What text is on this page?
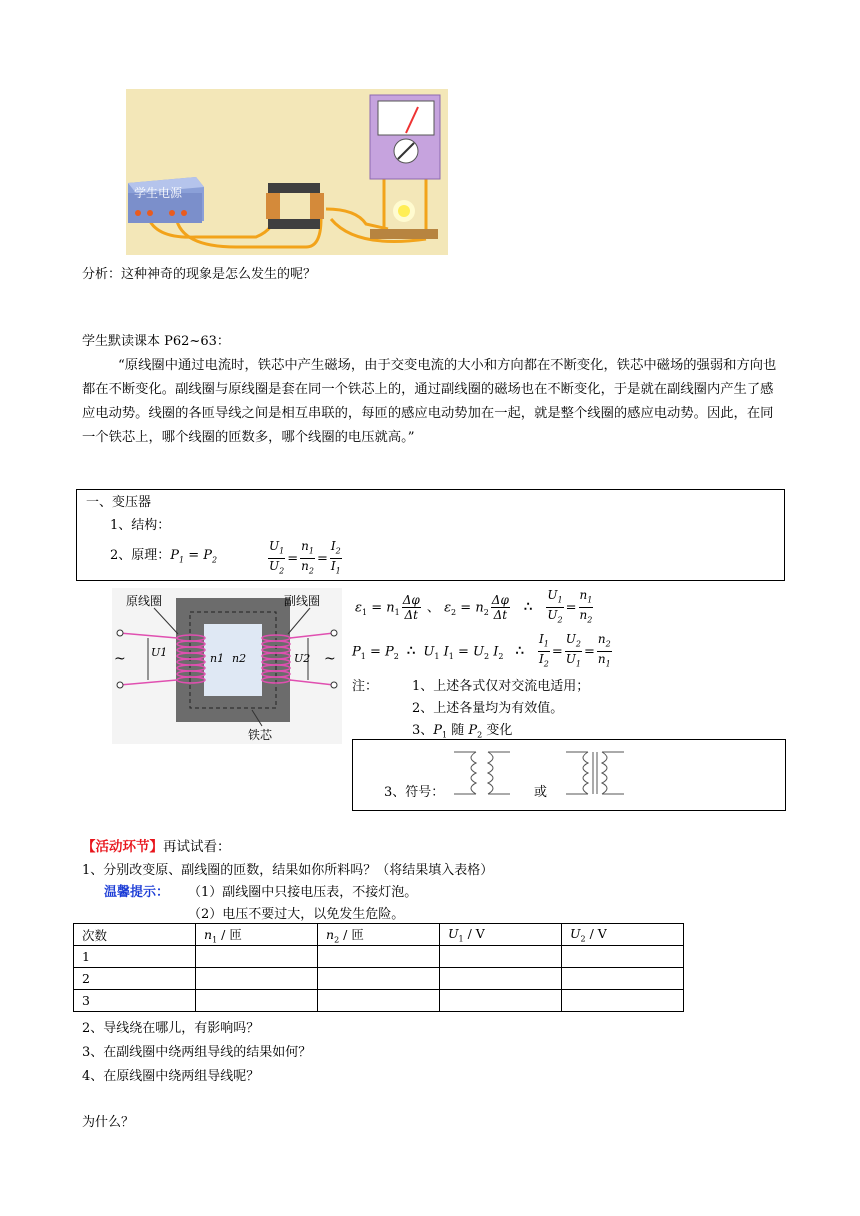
学生电源
分析：这种神奇的现象是怎么发生的呢？
学生默读课本 P62~63：
“原线圈中通过电流时，铁芯中产生磁场，由于交变电流的大小和方向都在不断变化，铁芯中磁场的强弱和方向也都在不断变化。副线圈与原线圈是套在同一个铁芯上的，通过副线圈的磁场也在不断变化，于是就在副线圈内产生了感应电动势。线圈的各匝导线之间是相互串联的，每匝的感应电动势加在一起，就是整个线圈的感应电动势。因此，在同一个铁芯上，哪个线圈的匝数多，哪个线圈的电压就高。”
一、变压器
1、结构：
2、原理：$P_1 = P_2$	$\frac{U_1}{U_2} = \frac{n_1}{n_2} = \frac{I_2}{I_1}$
原线圈	副线圈
铁芯
U1	U2
n1 n2
~	~
$\varepsilon_1 = n_1 \frac{\Delta\varphi}{\Delta t}$ 、 $\varepsilon_2 = n_2 \frac{\Delta\varphi}{\Delta t}$ ∴ $\frac{U_1}{U_2} = \frac{n_1}{n_2}$
$P_1 = P_2$ ∴ $U_1$ $I_1 = U_2$ $I_2$ ∴ $\frac{I_1}{I_2} = \frac{U_2}{U_1} = \frac{n_2}{n_1}$
注：	1、上述各式仅对交流电适用；
2、上述各量均为有效值。
3、$P_1$ 随 $P_2$ 变化
3、符号：	或
【活动环节】再试试看：
1、分别改变原、副线圈的匝数，结果如你所料吗？（将结果填入表格）
温馨提示： （1）副线圈中只接电压表，不接灯泡。
（2）电压不要过大，以免发生危险。
次数	$n_1$ / 匝	$n_2$ / 匝	$U_1$ / V	$U_2$ / V
1				
2				
3				
2、导线绕在哪儿，有影响吗？
3、在副线圈中绕两组导线的结果如何？
4、在原线圈中绕两组导线呢？
为什么？
